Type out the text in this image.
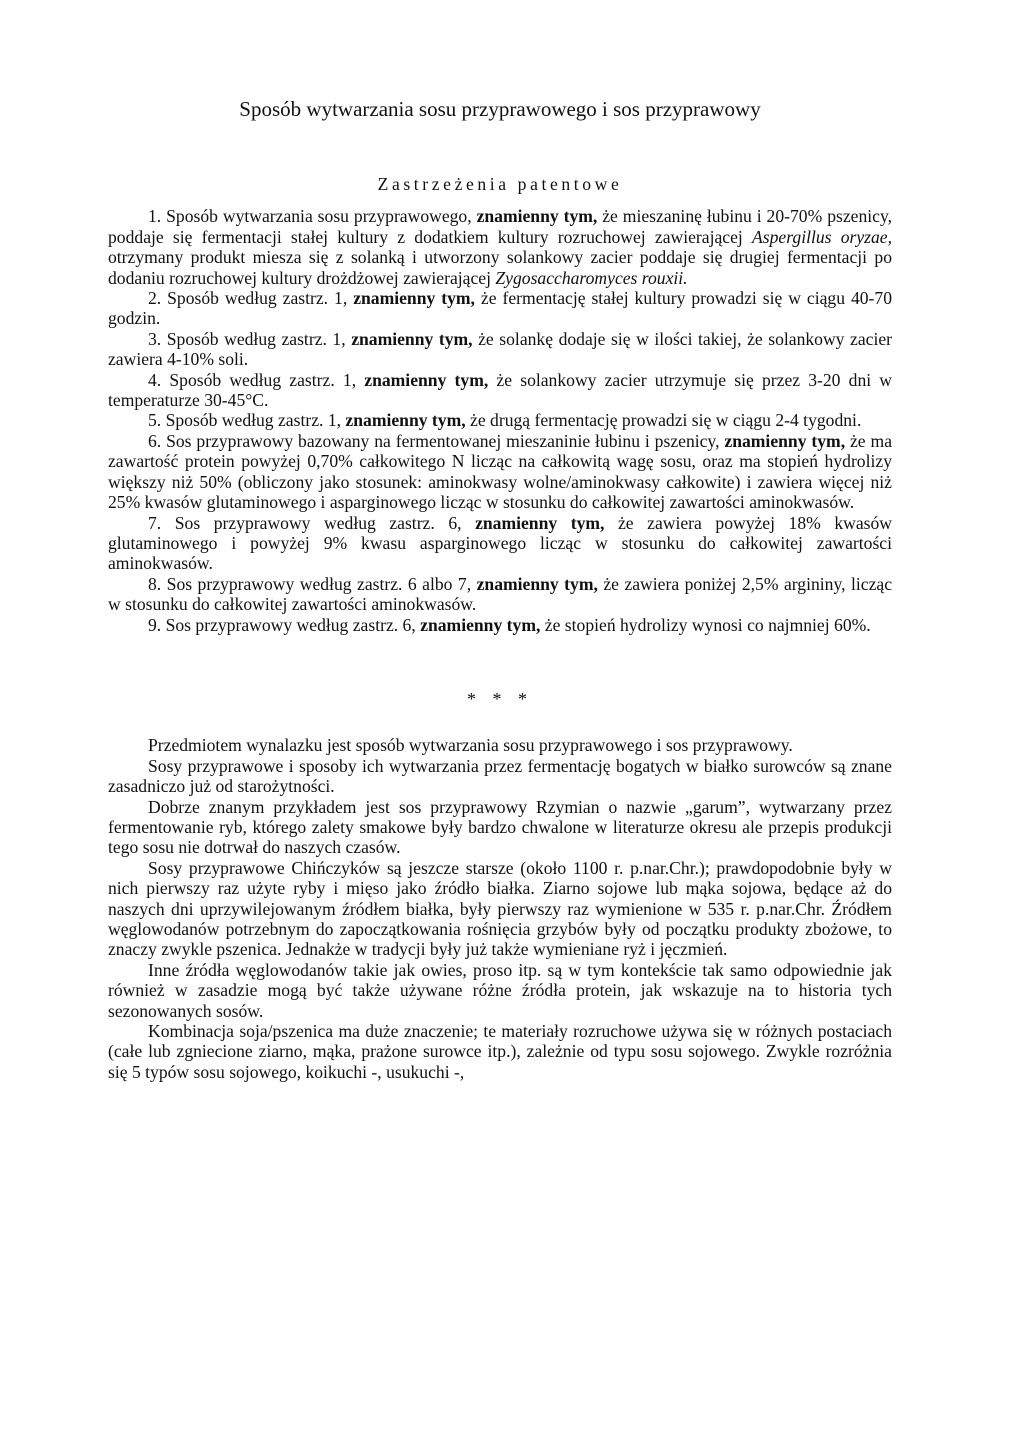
Sposób wytwarzania sosu przyprawowego i sos przyprawowy
Zastrzeżenia patentowe

1. Sposób wytwarzania sosu przyprawowego, znamienny tym, że mieszaninę łubinu i 20-70% pszenicy, poddaje się fermentacji stałej kultury z dodatkiem kultury rozruchowej zawierającej Aspergillus oryzae, otrzymany produkt miesza się z solanką i utworzony solankowy zacier poddaje się drugiej fermentacji po dodaniu rozruchowej kultury drożdżowej zawierającej Zygosaccharomyces rouxii.

2. Sposób według zastrz. 1, znamienny tym, że fermentację stałej kultury prowadzi się w ciągu 40-70 godzin.

3. Sposób według zastrz. 1, znamienny tym, że solankę dodaje się w ilości takiej, że solankowy zacier zawiera 4-10% soli.

4. Sposób według zastrz. 1, znamienny tym, że solankowy zacier utrzymuje się przez 3-20 dni w temperaturze 30-45°C.

5. Sposób według zastrz. 1, znamienny tym, że drugą fermentację prowadzi się w ciągu 2-4 tygodni.

6. Sos przyprawowy bazowany na fermentowanej mieszaninie łubinu i pszenicy, znamienny tym, że ma zawartość protein powyżej 0,70% całkowitego N licząc na całkowitą wagę sosu, oraz ma stopień hydrolizy większy niż 50% (obliczony jako stosunek: aminokwasy wolne/aminokwasy całkowite) i zawiera więcej niż 25% kwasów glutaminowego i asparginowego licząc w stosunku do całkowitej zawartości aminokwasów.

7. Sos przyprawowy według zastrz. 6, znamienny tym, że zawiera powyżej 18% kwasów glutaminowego i powyżej 9% kwasu asparginowego licząc w stosunku do całkowitej zawartości aminokwasów.

8. Sos przyprawowy według zastrz. 6 albo 7, znamienny tym, że zawiera poniżej 2,5% argininy, licząc w stosunku do całkowitej zawartości aminokwasów.

9. Sos przyprawowy według zastrz. 6, znamienny tym, że stopień hydrolizy wynosi co najmniej 60%.

* * *

Przedmiotem wynalazku jest sposób wytwarzania sosu przyprawowego i sos przyprawowy.

Sosy przyprawowe i sposoby ich wytwarzania przez fermentację bogatych w białko surowców są znane zasadniczo już od starożytności.

Dobrze znanym przykładem jest sos przyprawowy Rzymian o nazwie „garum”, wytwarzany przez fermentowanie ryb, którego zalety smakowe były bardzo chwalone w literaturze okresu ale przepis produkcji tego sosu nie dotrwał do naszych czasów.

Sosy przyprawowe Chińczyków są jeszcze starsze (około 1100 r. p.nar.Chr.); prawdopodobnie były w nich pierwszy raz użyte ryby i mięso jako źródło białka. Ziarno sojowe lub mąka sojowa, będące aż do naszych dni uprzywilejowanym źródłem białka, były pierwszy raz wymienione w 535 r. p.nar.Chr. Źródłem węglowodanów potrzebnym do zapoczątkowania rośnięcia grzybów były od początku produkty zbożowe, to znaczy zwykle pszenica. Jednakże w tradycji były już także wymieniane ryż i jęczmień.

Inne źródła węglowodanów takie jak owies, proso itp. są w tym kontekście tak samo odpowiednie jak również w zasadzie mogą być także używane różne źródła protein, jak wskazuje na to historia tych sezonowanych sosów.

Kombinacja soja/pszenica ma duże znaczenie; te materiały rozruchowe używa się w różnych postaciach (całe lub zgniecione ziarno, mąka, prażone surowce itp.), zależnie od typu sosu sojowego. Zwykle rozróżnia się 5 typów sosu sojowego, koikuchi -, usukuchi -,
